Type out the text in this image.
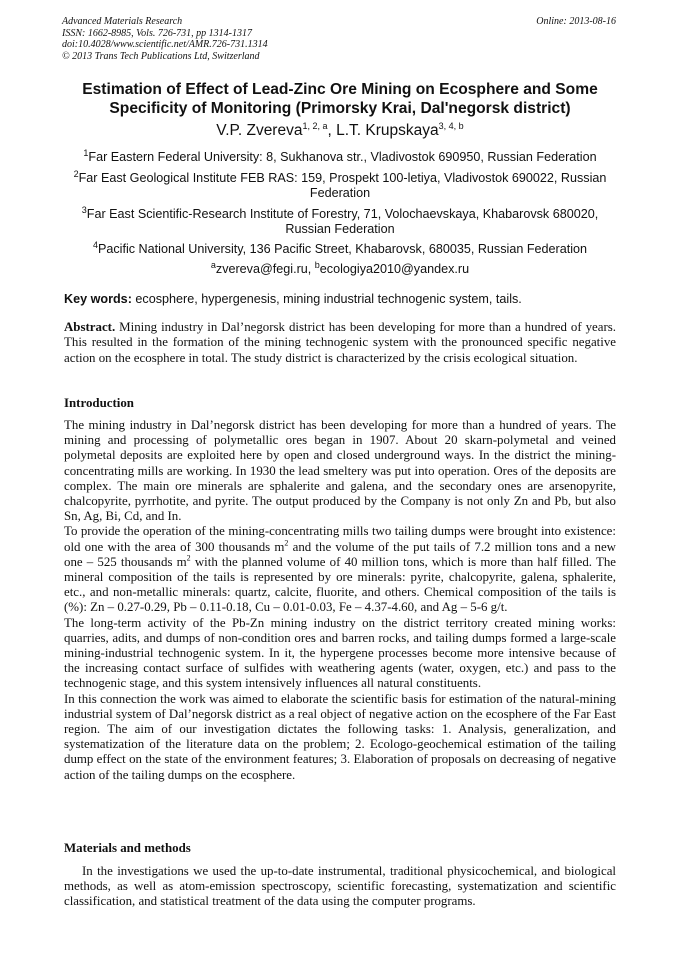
Advanced Materials Research
ISSN: 1662-8985, Vols. 726-731, pp 1314-1317
doi:10.4028/www.scientific.net/AMR.726-731.1314
© 2013 Trans Tech Publications Ltd, Switzerland
Online: 2013-08-16
Estimation of Effect of Lead-Zinc Ore Mining on Ecosphere and Some Specificity of Monitoring (Primorsky Krai, Dal'negorsk district)
V.P. Zvereva$^{1, 2, a}$, L.T. Krupskaya$^{3, 4, b}$
$^1$Far Eastern Federal University: 8, Sukhanova str., Vladivostok 690950, Russian Federation
$^2$Far East Geological Institute FEB RAS: 159, Prospekt 100-letiya, Vladivostok 690022, Russian Federation
$^3$Far East Scientific-Research Institute of Forestry, 71, Volochaevskaya, Khabarovsk 680020, Russian Federation
$^4$Pacific National University, 136 Pacific Street, Khabarovsk, 680035, Russian Federation
$^a$zvereva@fegi.ru, $^b$ecologiya2010@yandex.ru
Key words: ecosphere, hypergenesis, mining industrial technogenic system, tails.
Abstract. Mining industry in Dal’negorsk district has been developing for more than a hundred of years. This resulted in the formation of the mining technogenic system with the pronounced specific negative action on the ecosphere in total. The study district is characterized by the crisis ecological situation.
Introduction

The mining industry in Dal’negorsk district has been developing for more than a hundred of years. The mining and processing of polymetallic ores began in 1907. About 20 skarn-polymetal and veined polymetal deposits are exploited here by open and closed underground ways. In the district the mining-concentrating mills are working. In 1930 the lead smeltery was put into operation. Ores of the deposits are complex. The main ore minerals are sphalerite and galena, and the secondary ones are arsenopyrite, chalcopyrite, pyrrhotite, and pyrite. The output produced by the Company is not only Zn and Pb, but also Sn, Ag, Bi, Cd, and In.

To provide the operation of the mining-concentrating mills two tailing dumps were brought into existence: old one with the area of 300 thousands $m^2$ and the volume of the put tails of 7.2 million tons and a new one – 525 thousands $m^2$ with the planned volume of 40 million tons, which is more than half filled. The mineral composition of the tails is represented by ore minerals: pyrite, chalcopyrite, galena, sphalerite, etc., and non-metallic minerals: quartz, calcite, fluorite, and others. Chemical composition of the tails is (%): Zn – 0.27-0.29, Pb – 0.11-0.18, Cu – 0.01-0.03, Fe – 4.37-4.60, and Ag – 5-6 g/t.

The long-term activity of the Pb-Zn mining industry on the district territory created mining works: quarries, adits, and dumps of non-condition ores and barren rocks, and tailing dumps formed a large-scale mining-industrial technogenic system. In it, the hypergene processes become more intensive because of the increasing contact surface of sulfides with weathering agents (water, oxygen, etc.) and pass to the technogenic stage, and this system intensively influences all natural constituents.

In this connection the work was aimed to elaborate the scientific basis for estimation of the natural-mining industrial system of Dal’negorsk district as a real object of negative action on the ecosphere of the Far East region. The aim of our investigation dictates the following tasks: 1. Analysis, generalization, and systematization of the literature data on the problem; 2. Ecologo-geochemical estimation of the tailing dump effect on the state of the environment features; 3. Elaboration of proposals on decreasing of negative action of the tailing dumps on the ecosphere.

Materials and methods

In the investigations we used the up-to-date instrumental, traditional physicochemical, and biological methods, as well as atom-emission spectroscopy, scientific forecasting, systematization and scientific classification, and statistical treatment of the data using the computer programs.
